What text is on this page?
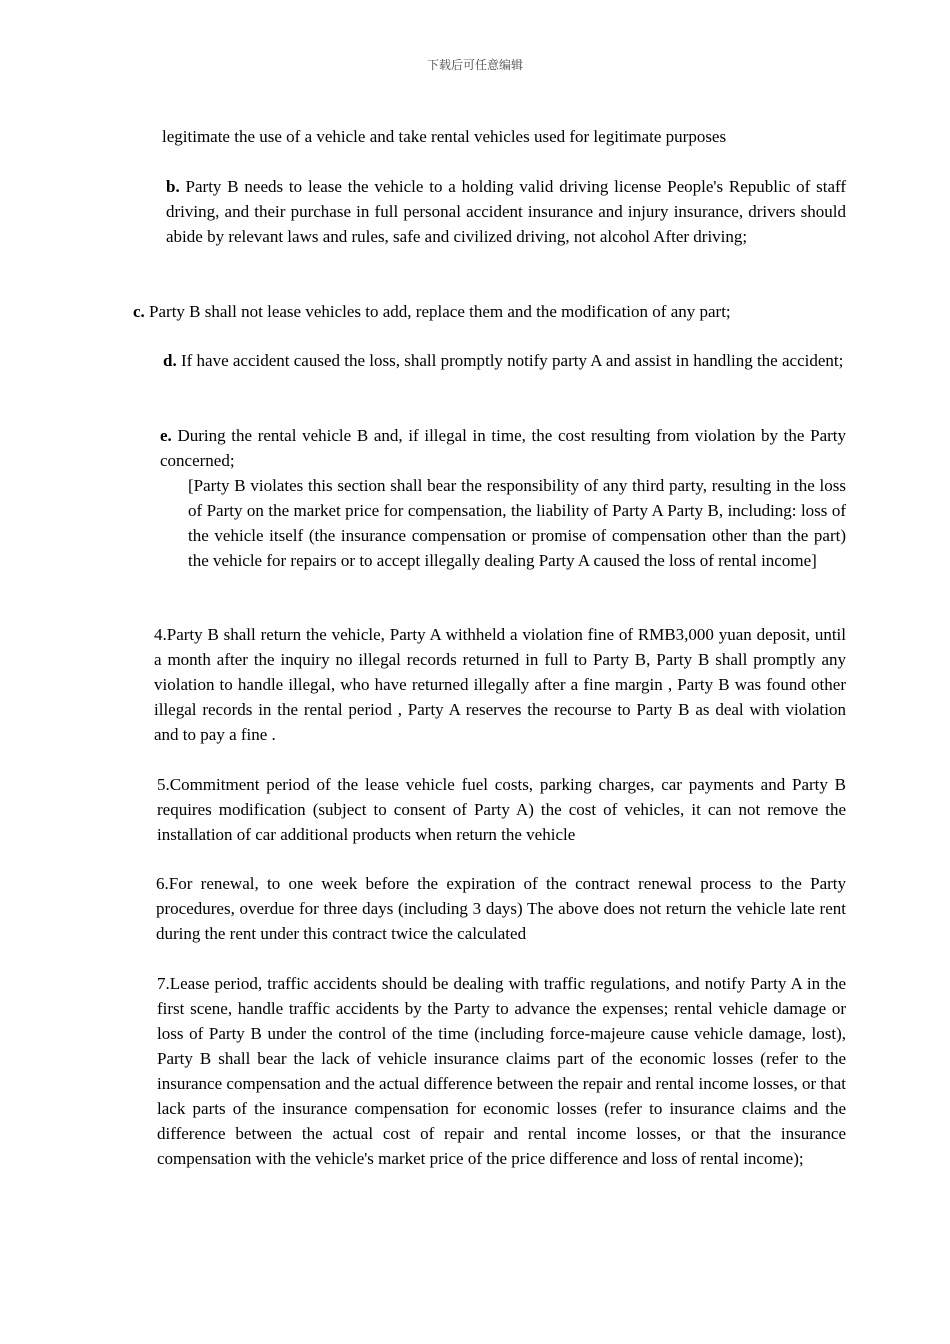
下载后可任意编辑

legitimate the use of a vehicle and take rental vehicles used for legitimate purposes

b. Party B needs to lease the vehicle to a holding valid driving license People's Republic of staff driving, and their purchase in full personal accident insurance and injury insurance, drivers should abide by relevant laws and rules, safe and civilized driving, not alcohol After driving;

c. Party B shall not lease vehicles to add, replace them and the modification of any part;

d. If have accident caused the loss, shall promptly notify party A and assist in handling the accident;

e. During the rental vehicle B and, if illegal in time, the cost resulting from violation by the Party concerned;

[Party B violates this section shall bear the responsibility of any third party, resulting in the loss of Party on the market price for compensation, the liability of Party A Party B, including: loss of the vehicle itself (the insurance compensation or promise of compensation other than the part) the vehicle for repairs or to accept illegally dealing Party A caused the loss of rental income]

4.Party B shall return the vehicle, Party A withheld a violation fine of RMB3,000 yuan deposit, until a month after the inquiry no illegal records returned in full to Party B, Party B shall promptly any violation to handle illegal, who have returned illegally after a fine margin , Party B was found other illegal records in the rental period , Party A reserves the recourse to Party B as deal with violation and to pay a fine .

5.Commitment period of the lease vehicle fuel costs, parking charges, car payments and Party B requires modification (subject to consent of Party A) the cost of vehicles, it can not remove the installation of car additional products when return the vehicle

6.For renewal, to one week before the expiration of the contract renewal process to the Party procedures, overdue for three days (including 3 days) The above does not return the vehicle late rent during the rent under this contract twice the calculated

7.Lease period, traffic accidents should be dealing with traffic regulations, and notify Party A in the first scene, handle traffic accidents by the Party to advance the expenses; rental vehicle damage or loss of Party B under the control of the time (including force-majeure cause vehicle damage, lost), Party B shall bear the lack of vehicle insurance claims part of the economic losses (refer to the insurance compensation and the actual difference between the repair and rental income losses, or that lack parts of the insurance compensation for economic losses (refer to insurance claims and the difference between the actual cost of repair and rental income losses, or that the insurance compensation with the vehicle's market price of the price difference and loss of rental income);
